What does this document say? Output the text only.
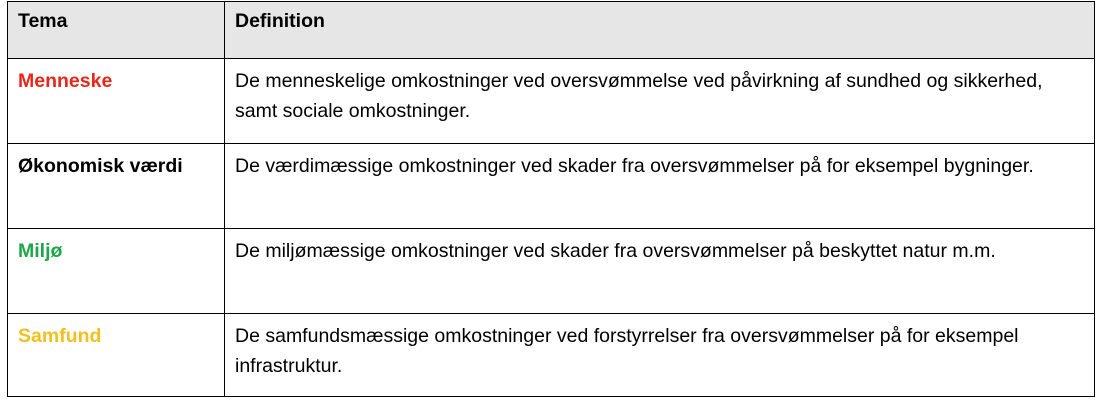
Tema	Definition

Menneske	De menneskelige omkostninger ved oversvømmelse ved påvirkning af sundhed og sikkerhed, samt sociale omkostninger.

Økonomisk værdi	De værdimæssige omkostninger ved skader fra oversvømmelser på for eksempel bygninger.

Miljø	De miljømæssige omkostninger ved skader fra oversvømmelser på beskyttet natur m.m.

Samfund	De samfundsmæssige omkostninger ved forstyrrelser fra oversvømmelser på for eksempel infrastruktur.
